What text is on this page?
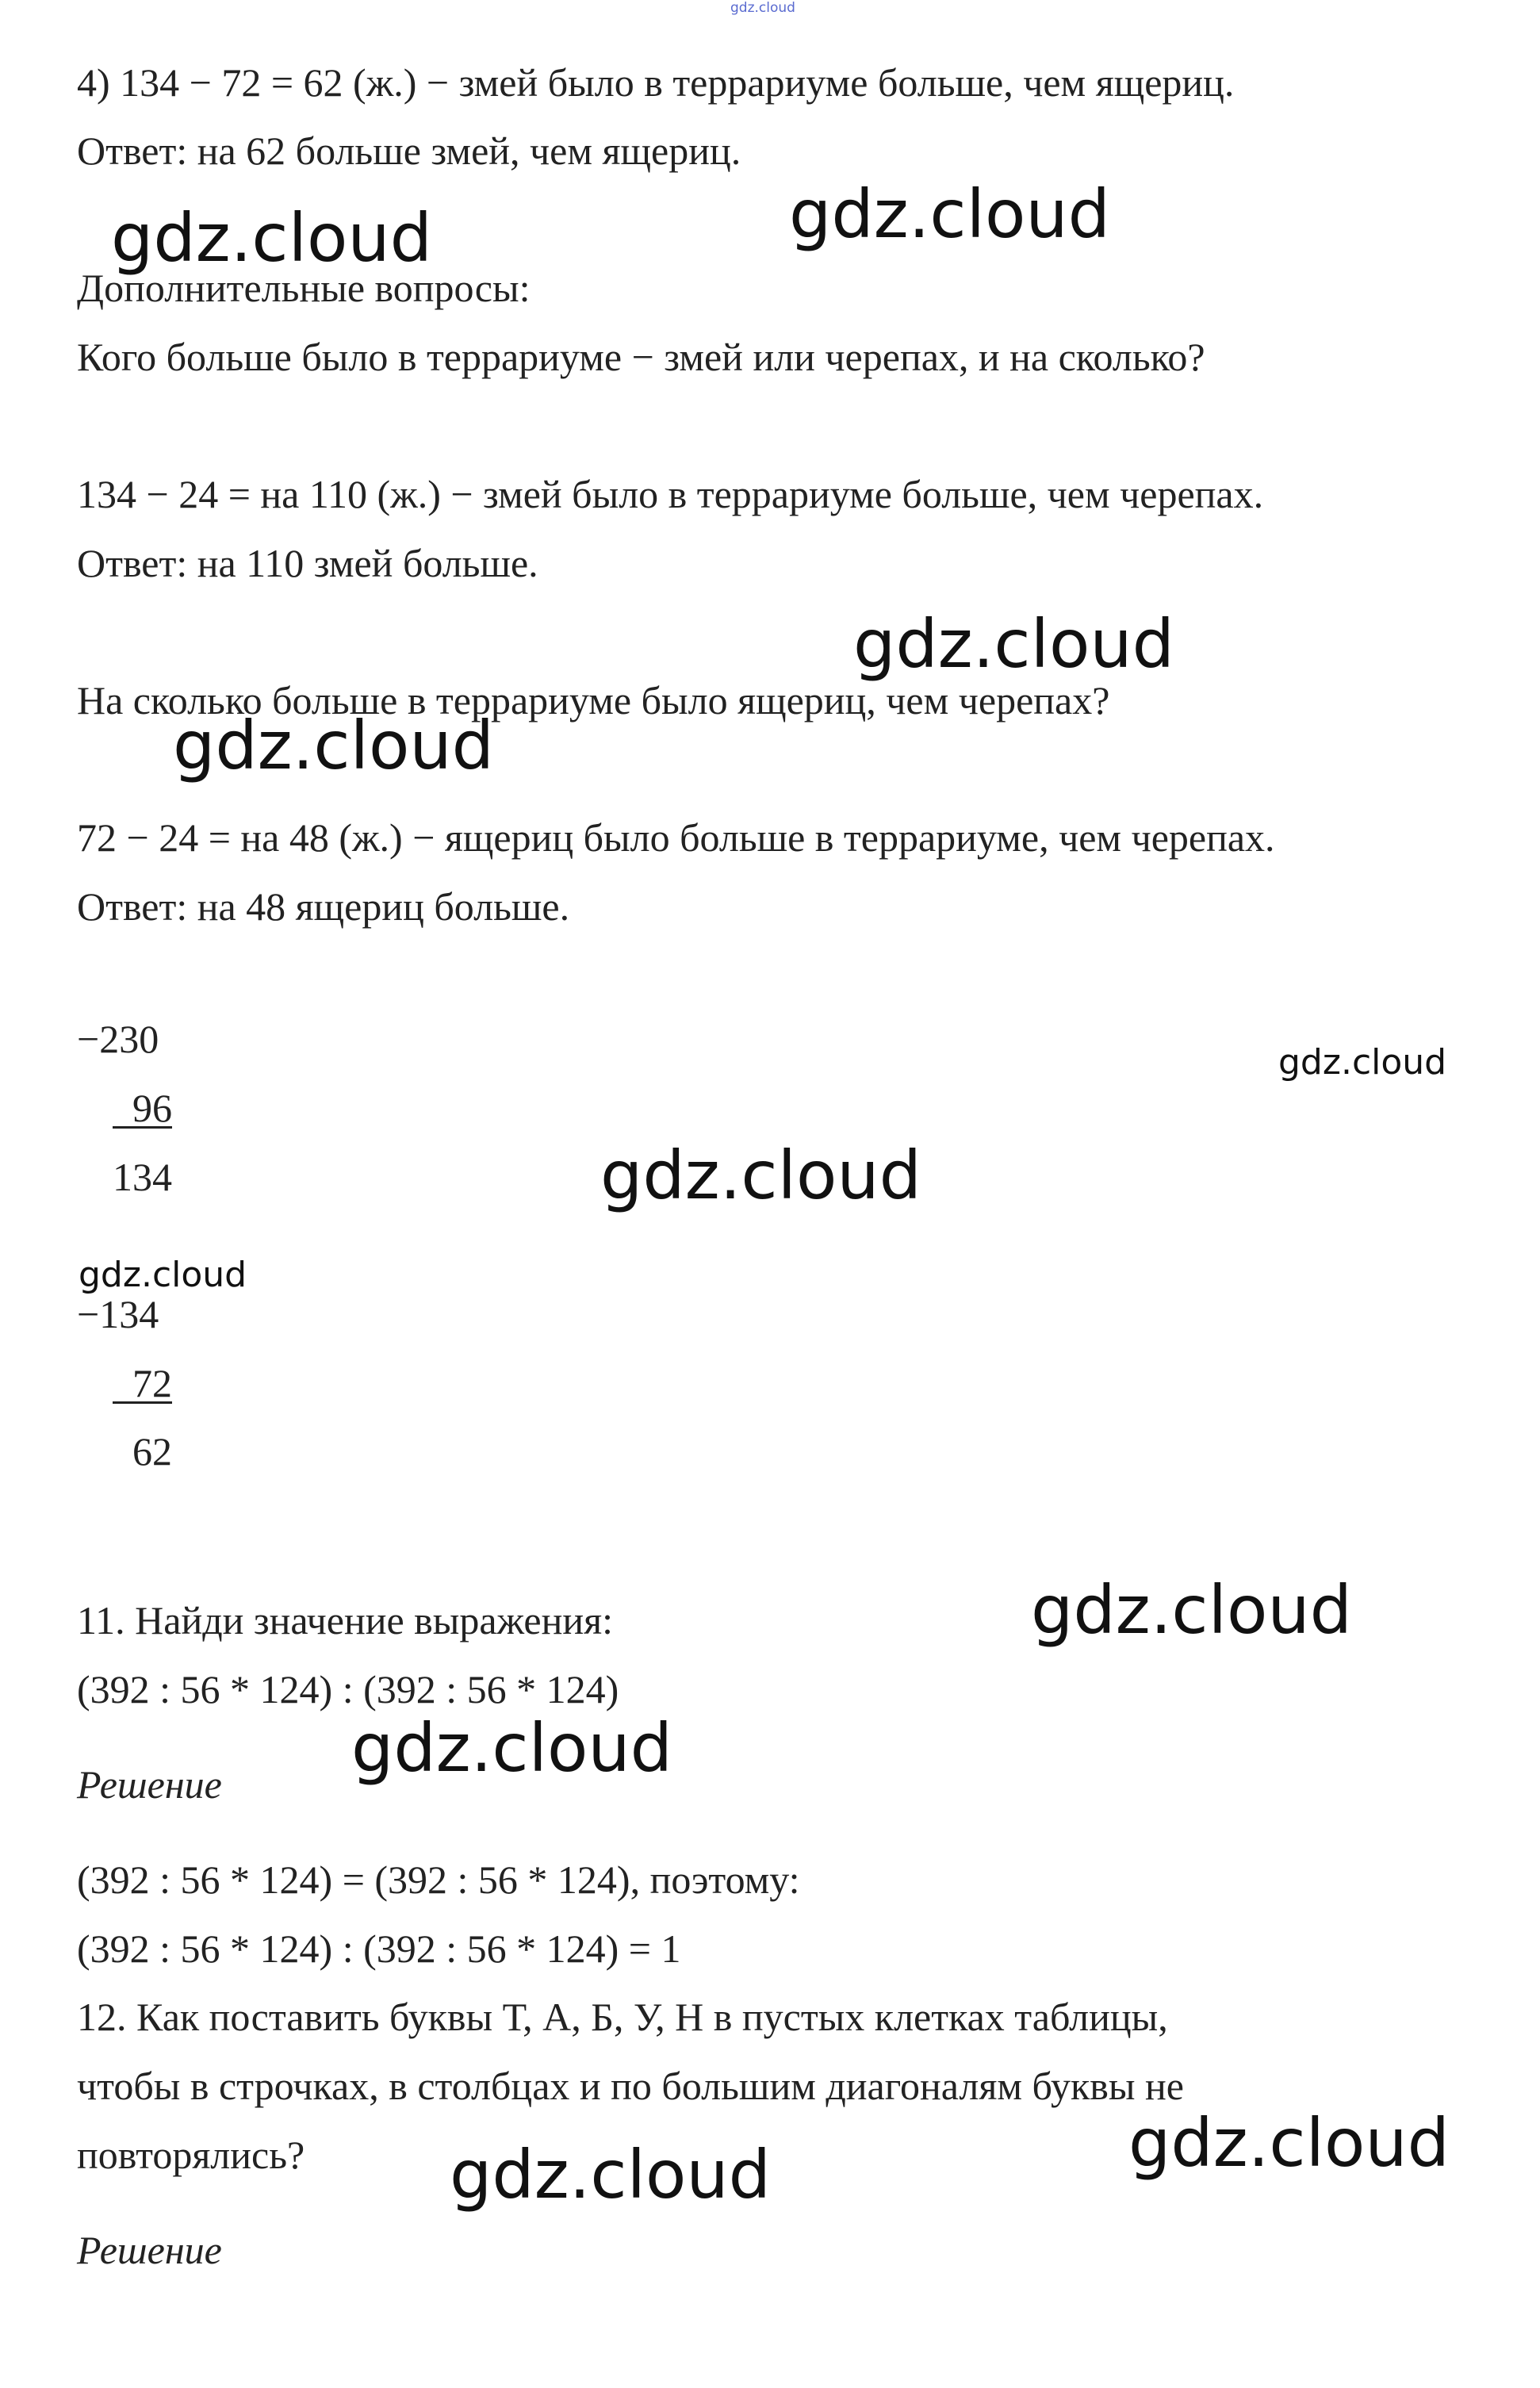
gdz.cloud
4) 134 − 72 = 62 (ж.) − змей было в террариуме больше, чем ящериц.
Ответ: на 62 больше змей, чем ящериц.
Дополнительные вопросы:
Кого больше было в террариуме − змей или черепах, и на сколько?
134 − 24 = на 110 (ж.) − змей было в террариуме больше, чем черепах.
Ответ: на 110 змей больше.
На сколько больше в террариуме было ящериц, чем черепах?
72 − 24 = на 48 (ж.) − ящериц было больше в террариуме, чем черепах.
Ответ: на 48 ящериц больше.
−230
96
134
−134
72
62
11. Найди значение выражения:
(392 : 56 * 124) : (392 : 56 * 124)
Решение
(392 : 56 * 124) = (392 : 56 * 124), поэтому:
(392 : 56 * 124) : (392 : 56 * 124) = 1
12. Как поставить буквы Т, А, Б, У, Н в пустых клетках таблицы,
чтобы в строчках, в столбцах и по большим диагоналям буквы не
повторялись?
Решение
gdz.cloud	gdz.cloud
gdz.cloud
gdz.cloud
gdz.cloud
gdz.cloud
gdz.cloud
gdz.cloud
gdz.cloud
gdz.cloud
gdz.cloud
